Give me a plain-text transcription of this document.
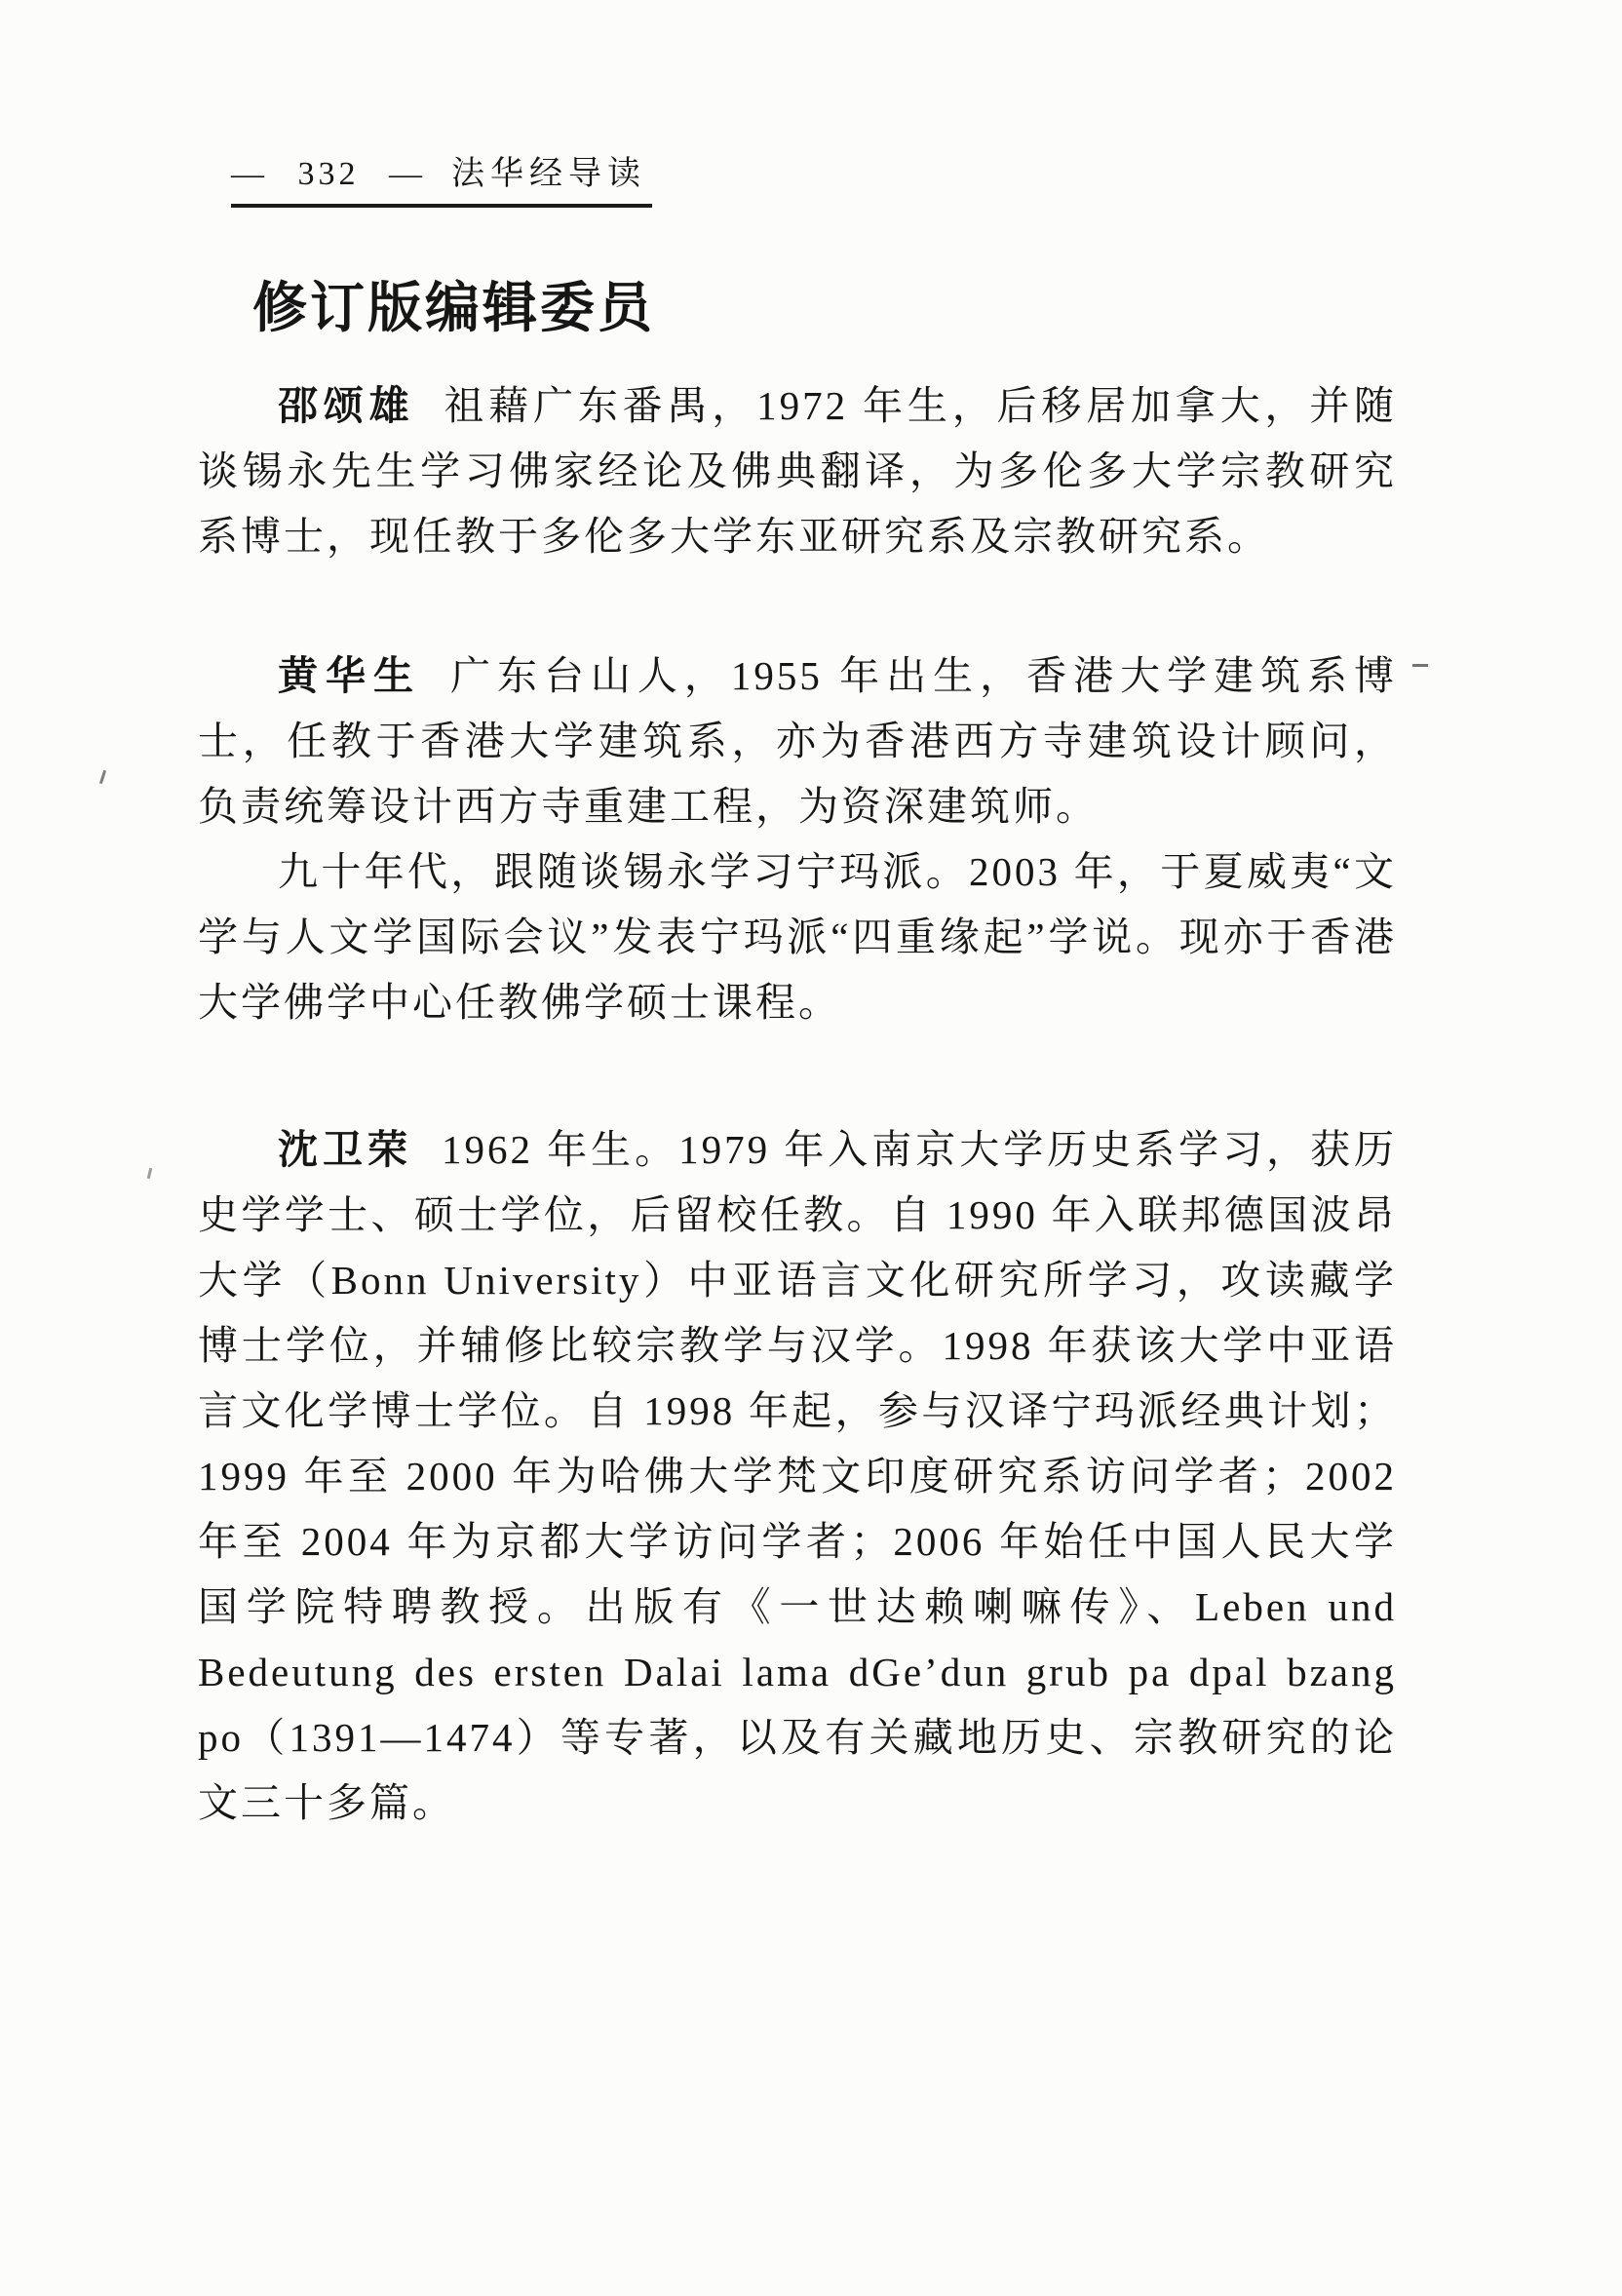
— 332 — 法华经导读
修订版编辑委员

邵颂雄 祖藉广东番禺，1972 年生，后移居加拿大，并随谈锡永先生学习佛家经论及佛典翻译，为多伦多大学宗教研究系博士，现任教于多伦多大学东亚研究系及宗教研究系。

黄华生 广东台山人，1955 年出生，香港大学建筑系博士，任教于香港大学建筑系，亦为香港西方寺建筑设计顾问，负责统筹设计西方寺重建工程，为资深建筑师。

九十年代，跟随谈锡永学习宁玛派。2003 年，于夏威夷“文学与人文学国际会议”发表宁玛派“四重缘起”学说。现亦于香港大学佛学中心任教佛学硕士课程。

沈卫荣 1962 年生。1979 年入南京大学历史系学习，获历史学学士、硕士学位，后留校任教。自 1990 年入联邦德国波昂大学（Bonn University）中亚语言文化研究所学习，攻读藏学博士学位，并辅修比较宗教学与汉学。1998 年获该大学中亚语言文化学博士学位。自 1998 年起，参与汉译宁玛派经典计划；1999 年至 2000 年为哈佛大学梵文印度研究系访问学者；2002 年至 2004 年为京都大学访问学者；2006 年始任中国人民大学国学院特聘教授。出版有《一世达赖喇嘛传》、Leben und Bedeutung des ersten Dalai lama dGe’dun grub pa dpal bzang po（1391—1474）等专著，以及有关藏地历史、宗教研究的论文三十多篇。
